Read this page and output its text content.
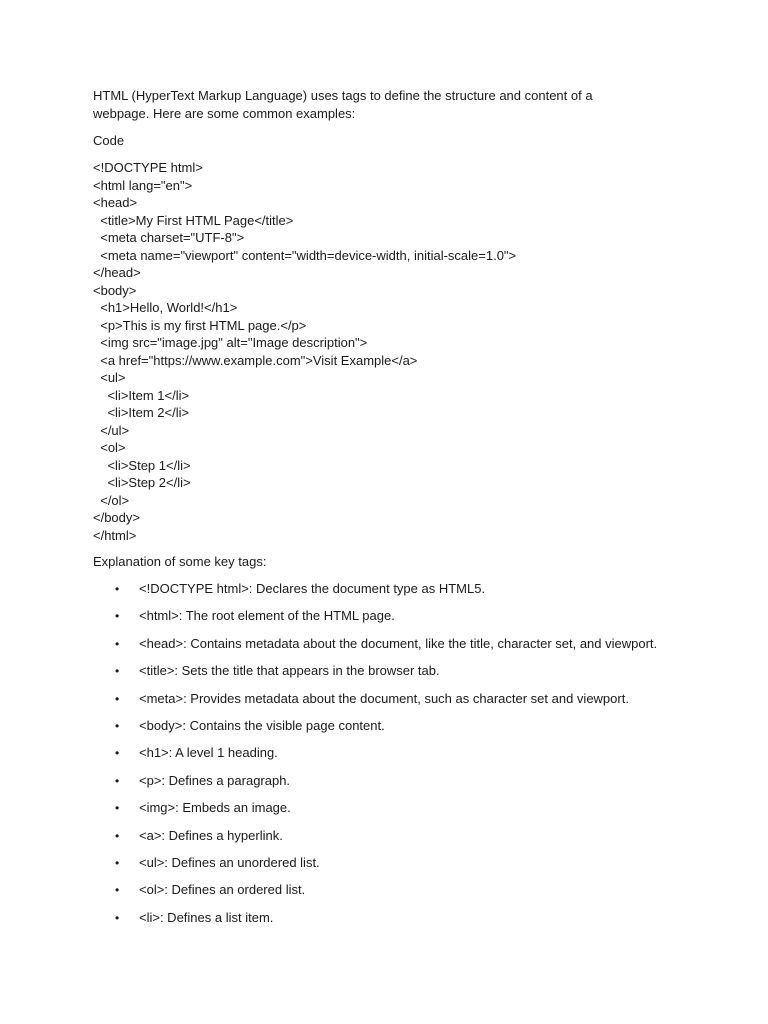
HTML (HyperText Markup Language) uses tags to define the structure and content of a webpage. Here are some common examples:

Code

<!DOCTYPE html>
<html lang="en">
<head>
<title>My First HTML Page</title>
<meta charset="UTF-8">
<meta name="viewport" content="width=device-width, initial-scale=1.0">
</head>
<body>
<h1>Hello, World!</h1>
<p>This is my first HTML page.</p>
<img src="image.jpg" alt="Image description">
<a href="https://www.example.com">Visit Example</a>
<ul>
<li>Item 1</li>
<li>Item 2</li>
</ul>
<ol>
<li>Step 1</li>
<li>Step 2</li>
</ol>
</body>
</html>

Explanation of some key tags:

• <!DOCTYPE html>: Declares the document type as HTML5.
• <html>: The root element of the HTML page.
• <head>: Contains metadata about the document, like the title, character set, and viewport.
• <title>: Sets the title that appears in the browser tab.
• <meta>: Provides metadata about the document, such as character set and viewport.
• <body>: Contains the visible page content.
• <h1>: A level 1 heading.
• <p>: Defines a paragraph.
• <img>: Embeds an image.
• <a>: Defines a hyperlink.
• <ul>: Defines an unordered list.
• <ol>: Defines an ordered list.
• <li>: Defines a list item.
